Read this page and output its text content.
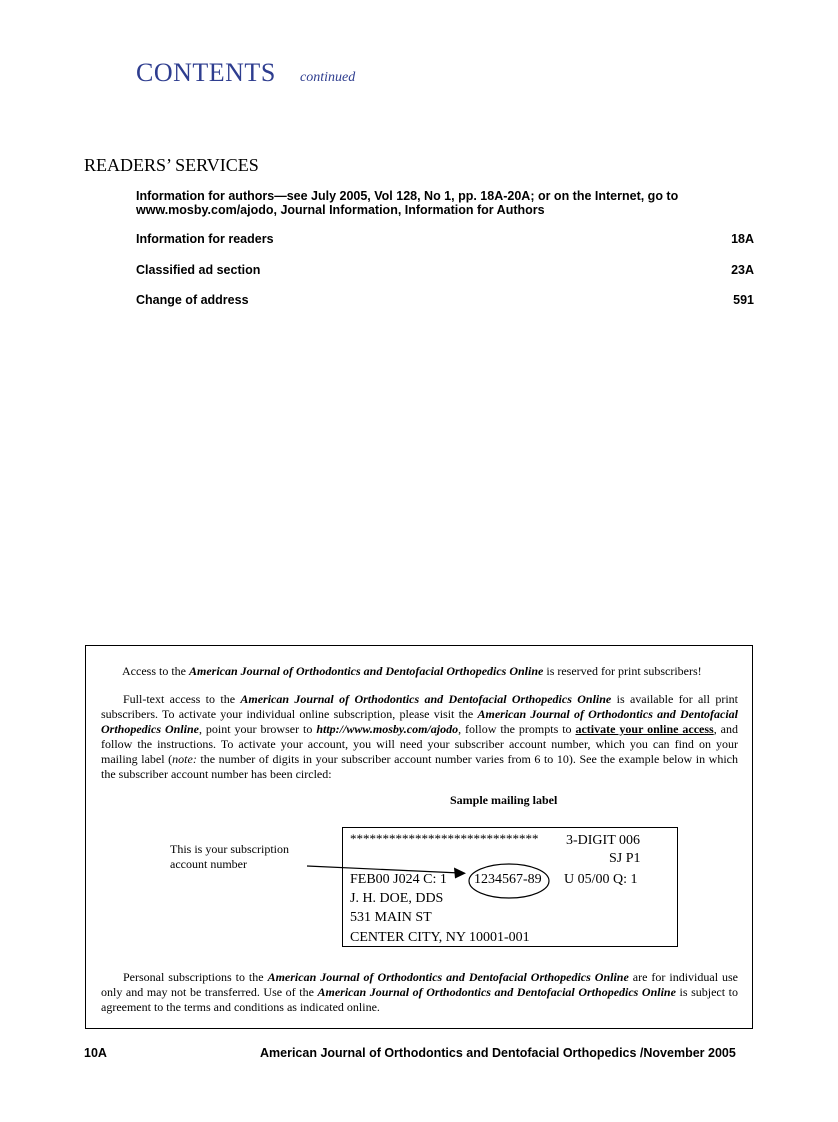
CONTENTS continued
READERS’ SERVICES
Information for authors—see July 2005, Vol 128, No 1, pp. 18A-20A; or on the Internet, go to www.mosby.com/ajodo, Journal Information, Information for Authors
Information for readers	18A
Classified ad section	23A
Change of address	591
Access to the American Journal of Orthodontics and Dentofacial Orthopedics Online is reserved for print subscribers!
Full-text access to the American Journal of Orthodontics and Dentofacial Orthopedics Online is available for all print subscribers. To activate your individual online subscription, please visit the American Journal of Orthodontics and Dentofacial Orthopedics Online, point your browser to http://www.mosby.com/ajodo, follow the prompts to activate your online access, and follow the instructions. To activate your account, you will need your subscriber account number, which you can find on your mailing label (note: the number of digits in your subscriber account number varies from 6 to 10). See the example below in which the subscriber account number has been circled:
Sample mailing label
This is your subscription account number
***************************** 3-DIGIT 006
SJ P1
FEB00 J024 C: 1 1234567-89 U 05/00 Q: 1
J. H. DOE, DDS
531 MAIN ST
CENTER CITY, NY 10001-001
Personal subscriptions to the American Journal of Orthodontics and Dentofacial Orthopedics Online are for individual use only and may not be transferred. Use of the American Journal of Orthodontics and Dentofacial Orthopedics Online is subject to agreement to the terms and conditions as indicated online.
10A	American Journal of Orthodontics and Dentofacial Orthopedics /November 2005
